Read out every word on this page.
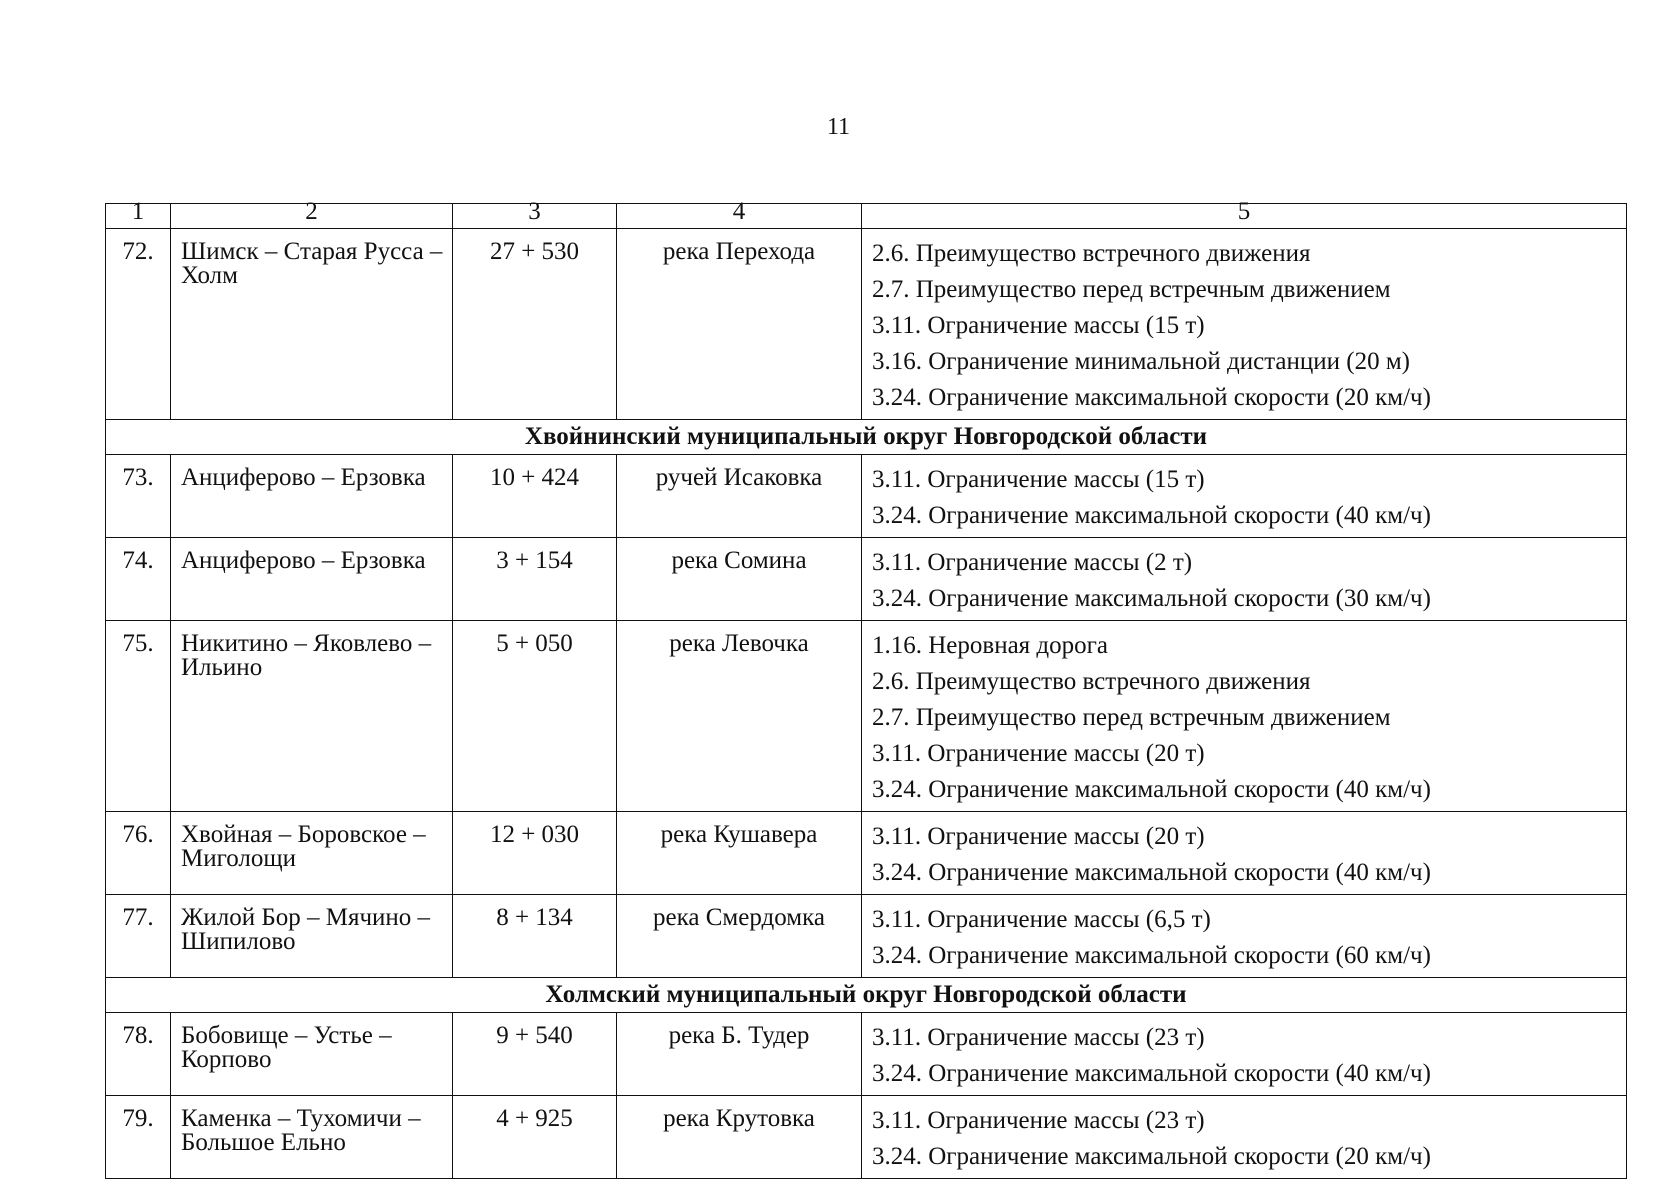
11
1	2	3	4	5
72.	Шимск – Старая Русса – Холм	27 + 530	река Перехода	2.6. Преимущество встречного движения
2.7. Преимущество перед встречным движением
3.11. Ограничение массы (15 т)
3.16. Ограничение минимальной дистанции (20 м)
3.24. Ограничение максимальной скорости (20 км/ч)

Хвойнинский муниципальный округ Новгородской области				
73.	Анциферово – Ерзовка	10 + 424	ручей Исаковка	3.11. Ограничение массы (15 т)
3.24. Ограничение максимальной скорости (40 км/ч)

74.	Анциферово – Ерзовка	3 + 154	река Сомина	3.11. Ограничение массы (2 т)
3.24. Ограничение максимальной скорости (30 км/ч)

75.	Никитино – Яковлево – Ильино	5 + 050	река Левочка	1.16. Неровная дорога
2.6. Преимущество встречного движения
2.7. Преимущество перед встречным движением
3.11. Ограничение массы (20 т)
3.24. Ограничение максимальной скорости (40 км/ч)

76.	Хвойная – Боровское – Миголощи	12 + 030	река Кушавера	3.11. Ограничение массы (20 т)
3.24. Ограничение максимальной скорости (40 км/ч)

77.	Жилой Бор – Мячино – Шипилово	8 + 134	река Смердомка	3.11. Ограничение массы (6,5 т)
3.24. Ограничение максимальной скорости (60 км/ч)

Холмский муниципальный округ Новгородской области				
78.	Бобовище – Устье – Корпово	9 + 540	река Б. Тудер	3.11. Ограничение массы (23 т)
3.24. Ограничение максимальной скорости (40 км/ч)

79.	Каменка – Тухомичи – Большое Ельно	4 + 925	река Крутовка	3.11. Ограничение массы (23 т)
3.24. Ограничение максимальной скорости (20 км/ч)
